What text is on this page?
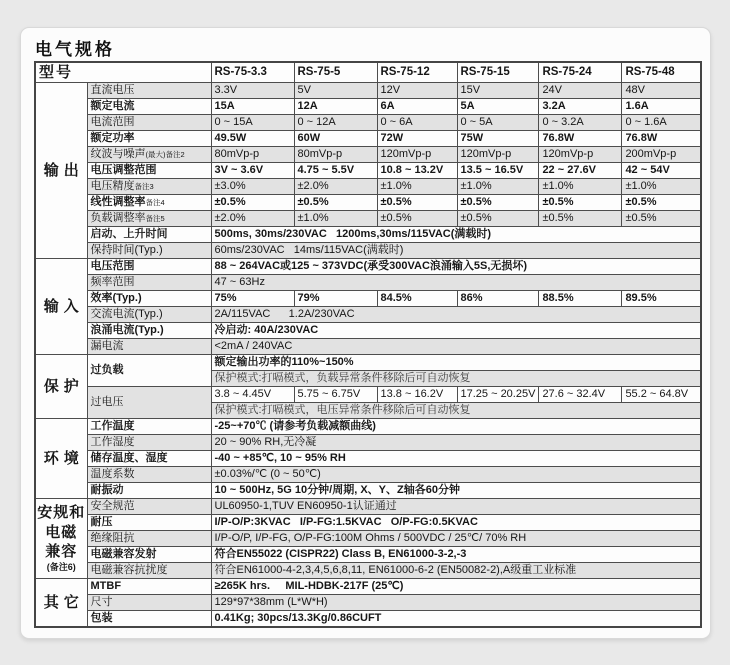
电气规格
型号		RS-75-3.3	RS-75-5	RS-75-12	RS-75-15	RS-75-24	RS-75-48

输出	直流电压	3.3V	5V	12V	15V	24V	48V
	额定电流	15A	12A	6A	5A	3.2A	1.6A
	电流范围	0 ~ 15A	0 ~ 12A	0 ~ 6A	0 ~ 5A	0 ~ 3.2A	0 ~ 1.6A
	额定功率	49.5W	60W	72W	75W	76.8W	76.8W
	纹波与噪声(最大)备注2	80mVp-p	80mVp-p	120mVp-p	120mVp-p	120mVp-p	200mVp-p
	电压调整范围	3V ~ 3.6V	4.75 ~ 5.5V	10.8 ~ 13.2V	13.5 ~ 16.5V	22 ~ 27.6V	42 ~ 54V
	电压精度备注3	±3.0%	±2.0%	±1.0%	±1.0%	±1.0%	±1.0%
	线性调整率备注4	±0.5%	±0.5%	±0.5%	±0.5%	±0.5%	±0.5%
	负载调整率备注5	±2.0%	±1.0%	±0.5%	±0.5%	±0.5%	±0.5%
	启动、上升时间	500ms, 30ms/230VAC   1200ms,30ms/115VAC(满载时)					
	保持时间(Typ.)	60ms/230VAC   14ms/115VAC(满载时)					

输入	电压范围	88 ~ 264VAC或125 ~ 373VDC(承受300VAC浪涌输入5S,无损坏)					
	频率范围	47 ~ 63Hz					
	效率(Typ.)	75%	79%	84.5%	86%	88.5%	89.5%
	交流电流(Typ.)	2A/115VAC      1.2A/230VAC					
	浪涌电流(Typ.)	冷启动: 40A/230VAC					
	漏电流	<2mA / 240VAC					

保护	过负载	额定输出功率的110%~150%					
		保护模式:打嗝模式，负载异常条件移除后可自动恢复					
	过电压	3.8 ~ 4.45V	5.75 ~ 6.75V	13.8 ~ 16.2V	17.25 ~ 20.25V	27.6 ~ 32.4V	55.2 ~ 64.8V
		保护模式:打嗝模式，电压异常条件移除后可自动恢复					

环境	工作温度	-25~+70℃ (请参考负载减额曲线)					
	工作湿度	20 ~ 90% RH,无冷凝					
	储存温度、湿度	-40 ~ +85℃, 10 ~ 95% RH					
	温度系数	±0.03%/℃ (0 ~ 50℃)					
	耐振动	10 ~ 500Hz, 5G 10分钟/周期, X、Y、Z轴各60分钟					

安规和
电磁
兼容
(备注6)	安全规范	UL60950-1,TUV EN60950-1认证通过					
	耐压	I/P-O/P:3KVAC   I/P-FG:1.5KVAC   O/P-FG:0.5KVAC					
	绝缘阻抗	I/P-O/P, I/P-FG, O/P-FG:100M Ohms / 500VDC / 25℃/ 70% RH					
	电磁兼容发射	符合EN55022 (CISPR22) Class B, EN61000-3-2,-3					
	电磁兼容抗扰度	符合EN61000-4-2,3,4,5,6,8,11, EN61000-6-2 (EN50082-2),A级重工业标准					

其它	MTBF	≥265K hrs.     MIL-HDBK-217F (25℃)					
	尺寸	129*97*38mm (L*W*H)					
	包装	0.41Kg; 30pcs/13.3Kg/0.86CUFT					
